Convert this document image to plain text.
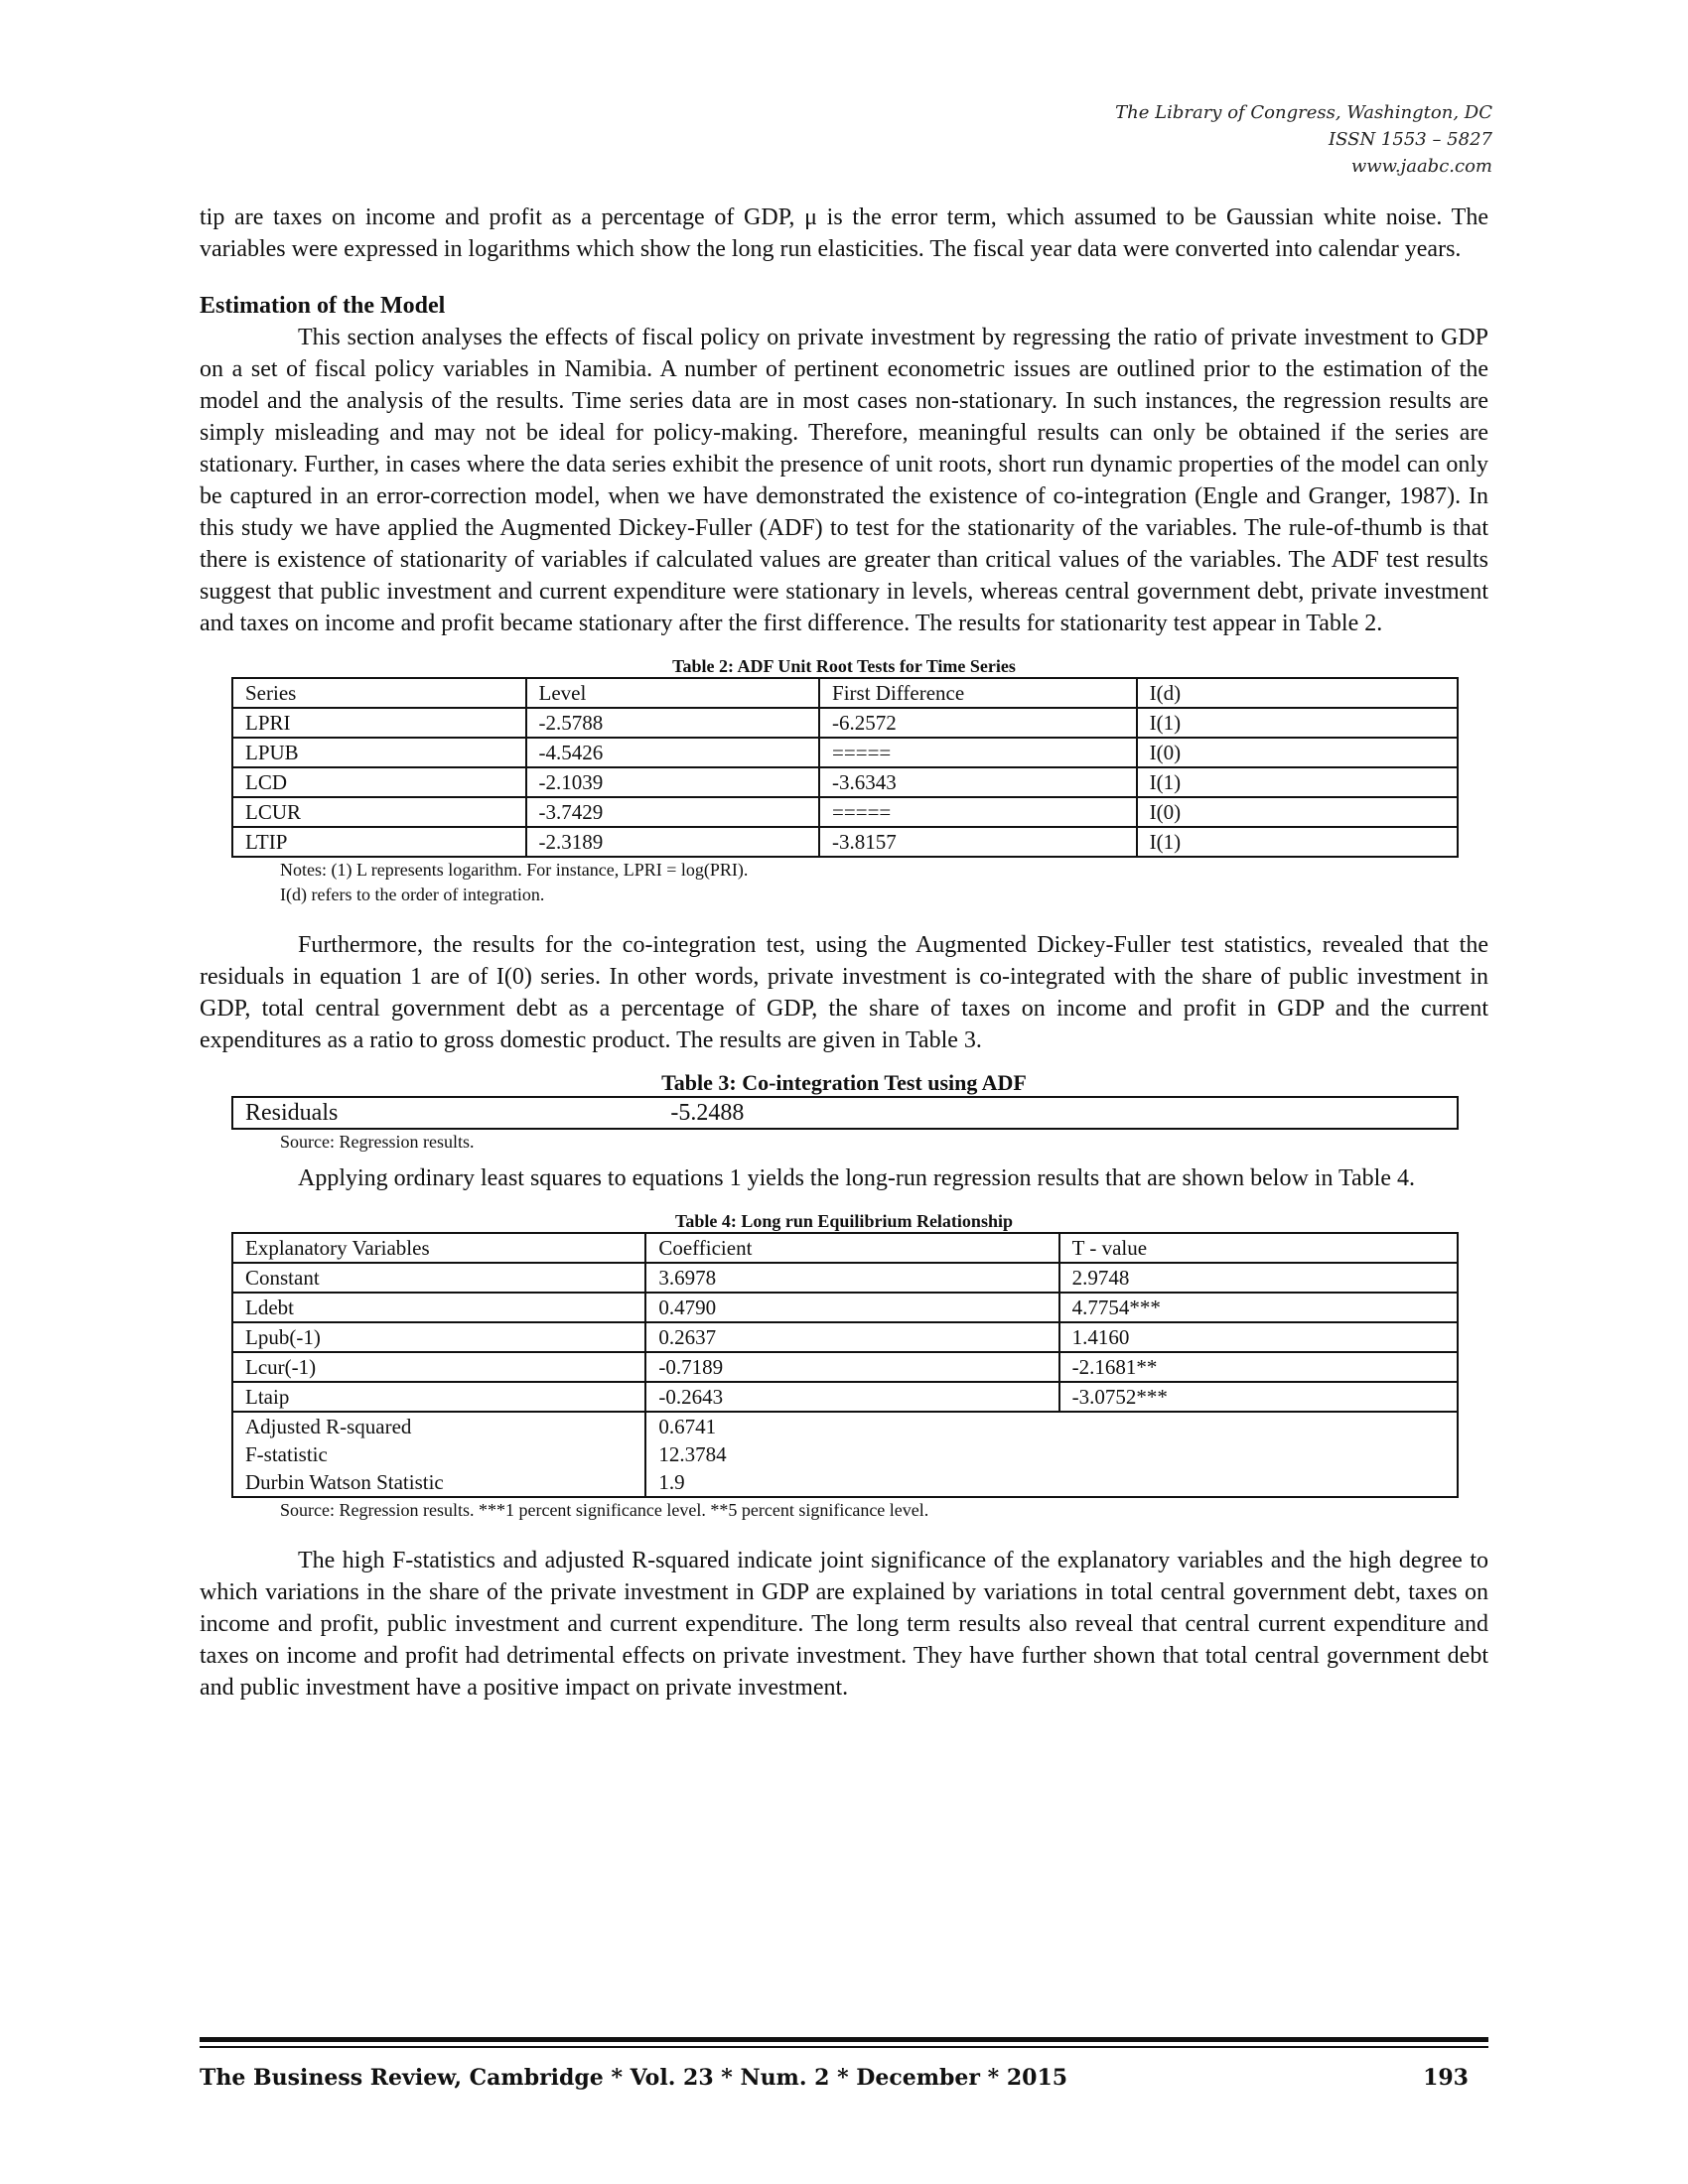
The Library of Congress, Washington, DC
ISSN 1553 – 5827
www.jaabc.com

tip are taxes on income and profit as a percentage of GDP, μ is the error term, which assumed to be Gaussian white noise. The variables were expressed in logarithms which show the long run elasticities. The fiscal year data were converted into calendar years.

Estimation of the Model

This section analyses the effects of fiscal policy on private investment by regressing the ratio of private investment to GDP on a set of fiscal policy variables in Namibia. A number of pertinent econometric issues are outlined prior to the estimation of the model and the analysis of the results. Time series data are in most cases non-stationary. In such instances, the regression results are simply misleading and may not be ideal for policy-making. Therefore, meaningful results can only be obtained if the series are stationary. Further, in cases where the data series exhibit the presence of unit roots, short run dynamic properties of the model can only be captured in an error-correction model, when we have demonstrated the existence of co-integration (Engle and Granger, 1987). In this study we have applied the Augmented Dickey-Fuller (ADF) to test for the stationarity of the variables. The rule-of-thumb is that there is existence of stationarity of variables if calculated values are greater than critical values of the variables. The ADF test results suggest that public investment and current expenditure were stationary in levels, whereas central government debt, private investment and taxes on income and profit became stationary after the first difference. The results for stationarity test appear in Table 2.

Table 2: ADF Unit Root Tests for Time Series
Series	Level	First Difference	I(d)
LPRI	-2.5788	-6.2572	I(1)
LPUB	-4.5426	=====	I(0)
LCD	-2.1039	-3.6343	I(1)
LCUR	-3.7429	=====	I(0)
LTIP	-2.3189	-3.8157	I(1)
Notes: (1) L represents logarithm. For instance, LPRI = log(PRI).
I(d) refers to the order of integration.

Furthermore, the results for the co-integration test, using the Augmented Dickey-Fuller test statistics, revealed that the residuals in equation 1 are of I(0) series. In other words, private investment is co-integrated with the share of public investment in GDP, total central government debt as a percentage of GDP, the share of taxes on income and profit in GDP and the current expenditures as a ratio to gross domestic product. The results are given in Table 3.

Table 3: Co-integration Test using ADF
Residuals	-5.2488
Source: Regression results.

Applying ordinary least squares to equations 1 yields the long-run regression results that are shown below in Table 4.

Table 4: Long run Equilibrium Relationship
Explanatory Variables	Coefficient	T - value
Constant	3.6978	2.9748
Ldebt	0.4790	4.7754***
Lpub(-1)	0.2637	1.4160
Lcur(-1)	-0.7189	-2.1681**
Ltaip	-0.2643	-3.0752***
Adjusted R-squared	0.6741	
F-statistic	12.3784	
Durbin Watson Statistic	1.9	
Source: Regression results. ***1 percent significance level. **5 percent significance level.

The high F-statistics and adjusted R-squared indicate joint significance of the explanatory variables and the high degree to which variations in the share of the private investment in GDP are explained by variations in total central government debt, taxes on income and profit, public investment and current expenditure. The long term results also reveal that central current expenditure and taxes on income and profit had detrimental effects on private investment. They have further shown that total central government debt and public investment have a positive impact on private investment.

The Business Review, Cambridge * Vol. 23 * Num. 2 * December * 2015	193
